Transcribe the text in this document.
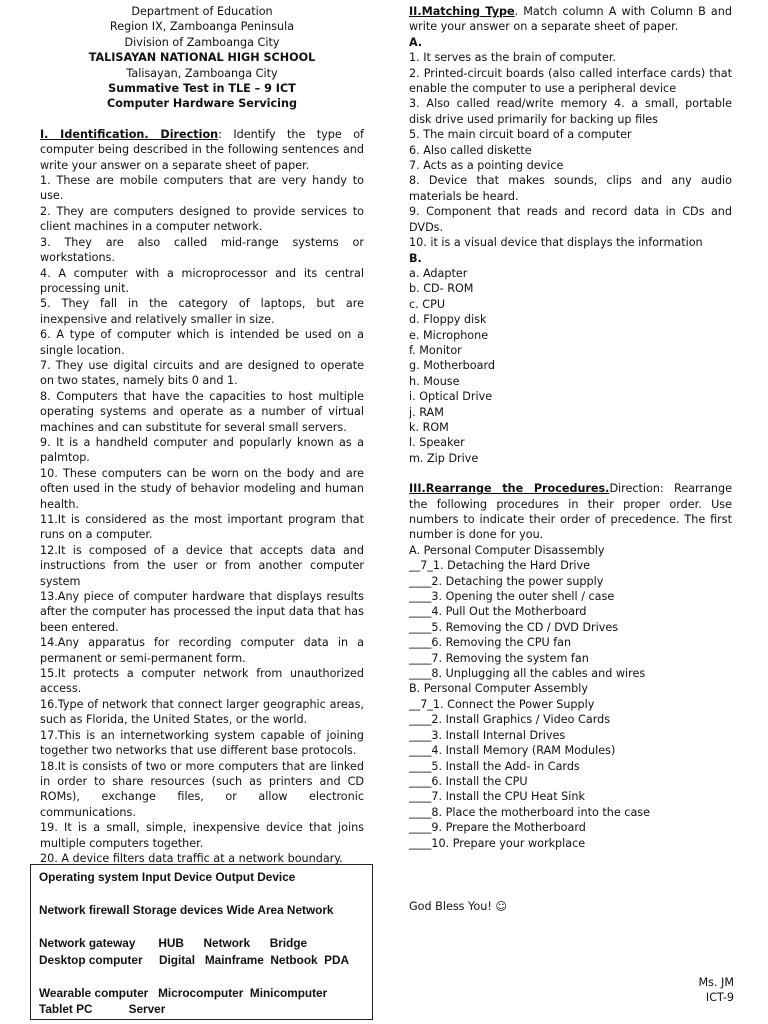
Department of Education
Region IX, Zamboanga Peninsula
Division of Zamboanga City
TALISAYAN NATIONAL HIGH SCHOOL
Talisayan, Zamboanga City
Summative Test in TLE – 9 ICT
Computer Hardware Servicing
I. Identification. Direction: Identify the type of computer being described in the following sentences and write your answer on a separate sheet of paper.

1. These are mobile computers that are very handy to use.

2. They are computers designed to provide services to client machines in a computer network.

3. They are also called mid-range systems or workstations.

4. A computer with a microprocessor and its central processing unit.

5. They fall in the category of laptops, but are inexpensive and relatively smaller in size.

6. A type of computer which is intended be used on a single location.

7. They use digital circuits and are designed to operate on two states, namely bits 0 and 1.

8. Computers that have the capacities to host multiple operating systems and operate as a number of virtual machines and can substitute for several small servers.

9. It is a handheld computer and popularly known as a palmtop.

10. These computers can be worn on the body and are often used in the study of behavior modeling and human health.

11.It is considered as the most important program that runs on a computer.

12.It is composed of a device that accepts data and instructions from the user or from another computer system

13.Any piece of computer hardware that displays results after the computer has processed the input data that has been entered.

14.Any apparatus for recording computer data in a permanent or semi-permanent form.

15.It protects a computer network from unauthorized access.

16.Type of network that connect larger geographic areas, such as Florida, the United States, or the world.

17.This is an internetworking system capable of joining together two networks that use different base protocols.

18.It is consists of two or more computers that are linked in order to share resources (such as printers and CD ROMs), exchange files, or allow electronic communications.

19. It is a small, simple, inexpensive device that joins multiple computers together.

20. A device filters data traffic at a network boundary.

Operating system Input Device Output Device
Network firewall Storage devices Wide Area Network
Network gateway       HUB      Network      Bridge
Desktop computer     Digital   Mainframe  Netbook  PDA
Wearable computer   Microcomputer  Minicomputer
Tablet PC           Server
II.Matching Type. Match column A with Column B and write your answer on a separate sheet of paper.
A.

1. It serves as the brain of computer.

2. Printed-circuit boards (also called interface cards) that enable the computer to use a peripheral device

3. Also called read/write memory 4. a small, portable disk drive used primarily for backing up files

5. The main circuit board of a computer

6. Also called diskette

7. Acts as a pointing device

8. Device that makes sounds, clips and any audio materials be heard.

9. Component that reads and record data in CDs and DVDs.

10. it is a visual device that displays the information

B.

a. Adapter

b. CD- ROM

c. CPU

d. Floppy disk

e. Microphone

f. Monitor

g. Motherboard

h. Mouse

i. Optical Drive

j. RAM

k. ROM

l. Speaker

m. Zip Drive

III.Rearrange the Procedures.Direction: Rearrange the following procedures in their proper order. Use numbers to indicate their order of precedence. The first number is done for you.
A. Personal Computer Disassembly

__7_1. Detaching the Hard Drive

____2. Detaching the power supply

____3. Opening the outer shell / case

____4. Pull Out the Motherboard

____5. Removing the CD / DVD Drives

____6. Removing the CPU fan

____7. Removing the system fan

____8. Unplugging all the cables and wires

B. Personal Computer Assembly

__7_1. Connect the Power Supply

____2. Install Graphics / Video Cards

____3. Install Internal Drives

____4. Install Memory (RAM Modules)

____5. Install the Add- in Cards

____6. Install the CPU

____7. Install the CPU Heat Sink

____8. Place the motherboard into the case

____9. Prepare the Motherboard

____10. Prepare your workplace

God Bless You! ☺
Ms. JM
ICT-9
